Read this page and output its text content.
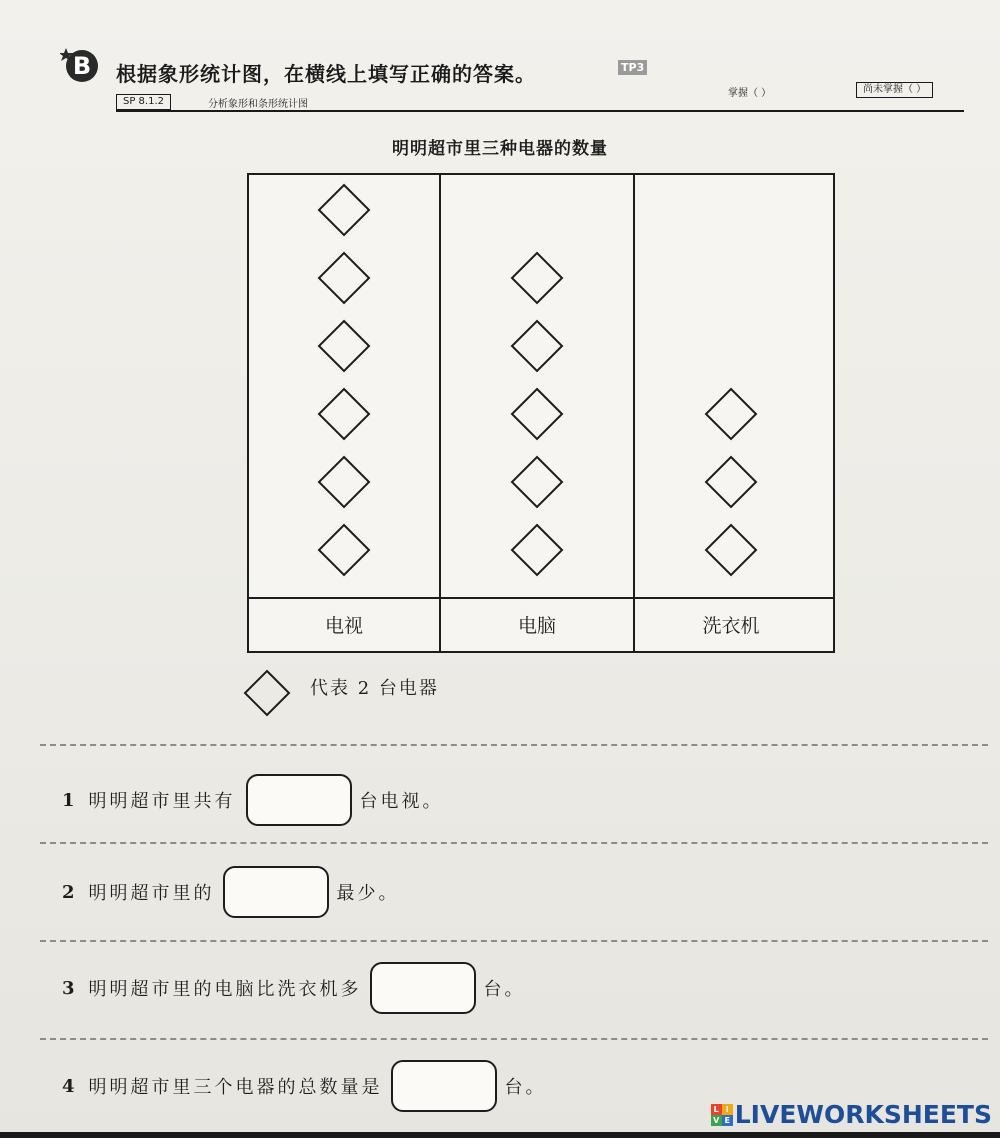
B 根据象形统计图，在横线上填写正确的答案。	TP3
SP 8.1.2	分析象形和条形统计图
掌握（ ）	尚未掌握（ ）
明明超市里三种电器的数量
电视	电脑	洗衣机
代表 2 台电器
1 明明超市里共有	台电视。
2 明明超市里的	最少。
3 明明超市里的电脑比洗衣机多	台。
4 明明超市里三个电器的总数量是	台。
L I
V E LIVEWORKSHEETS
